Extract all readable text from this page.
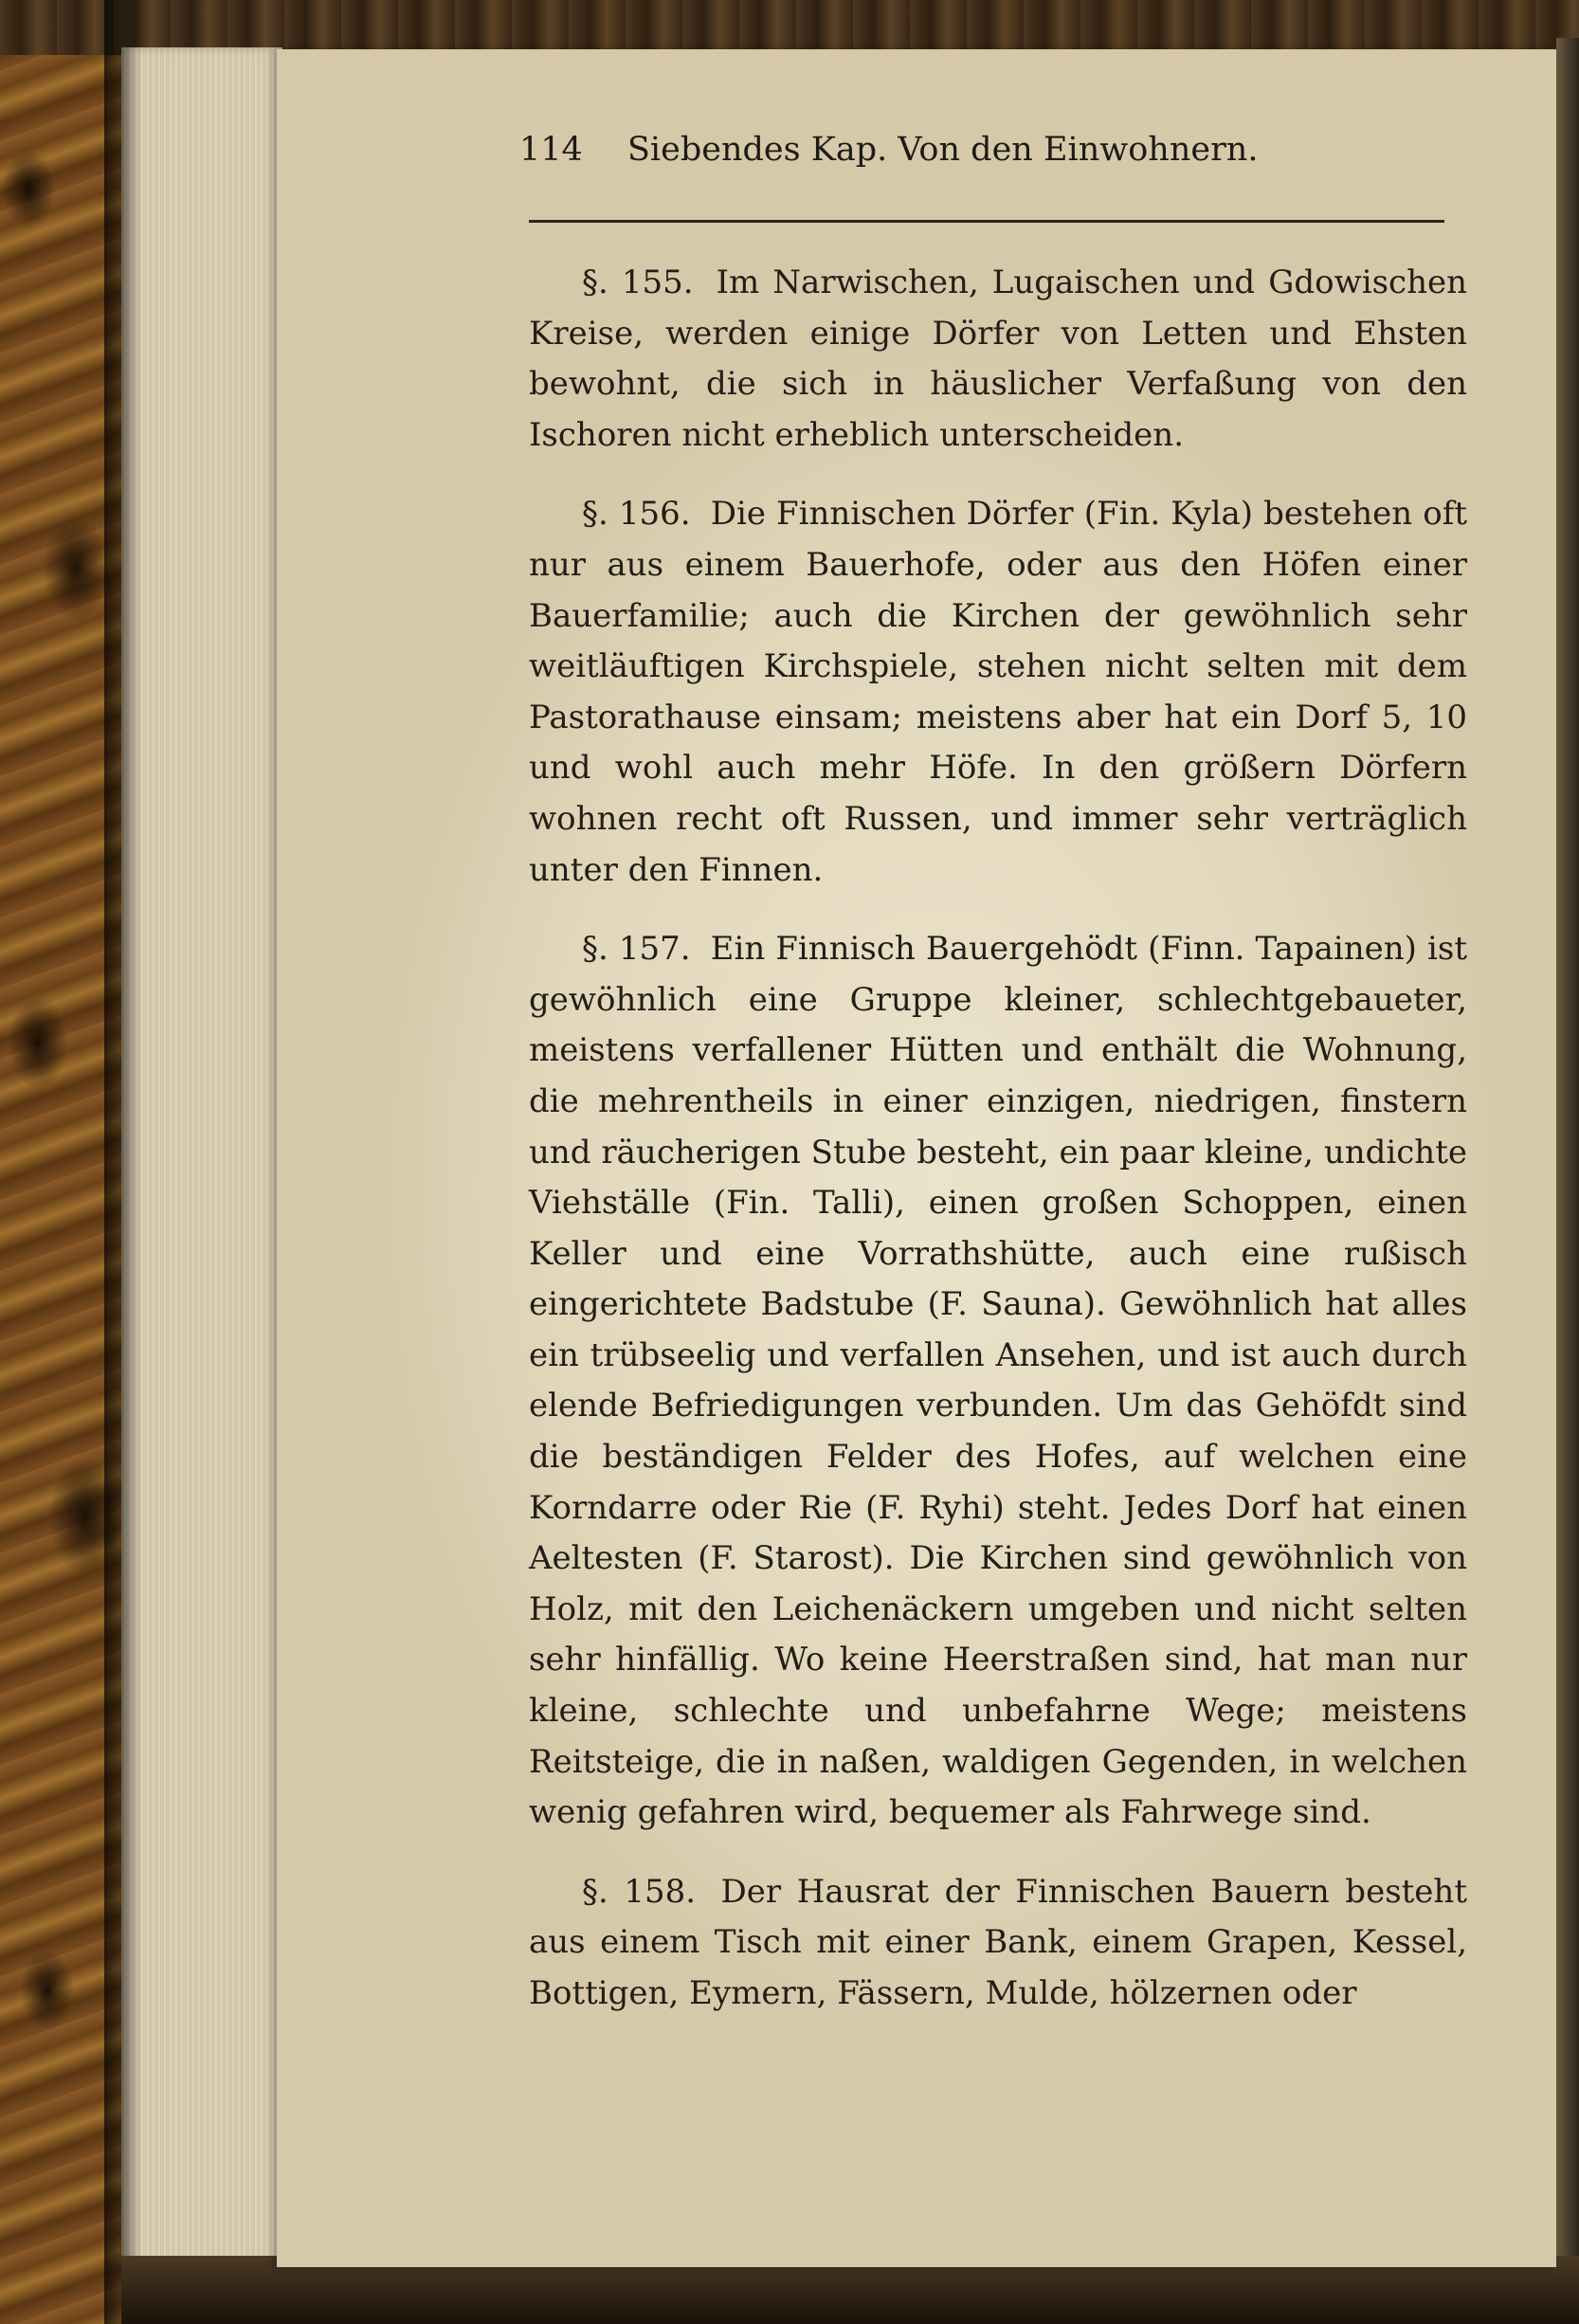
114 Siebendes Kap. Von den Einwohnern.

§. 155. Im Narwischen, Lugaischen und Gdowischen Kreise, werden einige Dörfer von Letten und Ehsten bewohnt, die sich in häuslicher Verfaßung von den Ischoren nicht erheblich unterscheiden.

§. 156. Die Finnischen Dörfer (Fin. Kyla) bestehen oft nur aus einem Bauerhofe, oder aus den Höfen einer Bauerfamilie; auch die Kirchen der gewöhnlich sehr weitläuftigen Kirchspiele, stehen nicht selten mit dem Pastorathause einsam; meistens aber hat ein Dorf 5, 10 und wohl auch mehr Höfe. In den größern Dörfern wohnen recht oft Russen, und immer sehr verträglich unter den Finnen.

§. 157. Ein Finnisch Bauergehödt (Finn. Tapainen) ist gewöhnlich eine Gruppe kleiner, schlechtgebaueter, meistens verfallener Hütten und enthält die Wohnung, die mehrentheils in einer einzigen, niedrigen, finstern und räucherigen Stube besteht, ein paar kleine, undichte Viehställe (Fin. Talli), einen großen Schoppen, einen Keller und eine Vorrathshütte, auch eine rußisch eingerichtete Badstube (F. Sauna). Gewöhnlich hat alles ein trübseelig und verfallen Ansehen, und ist auch durch elende Befriedigungen verbunden. Um das Gehöfdt sind die beständigen Felder des Hofes, auf welchen eine Korndarre oder Rie (F. Ryhi) steht. Jedes Dorf hat einen Aeltesten (F. Starost). Die Kirchen sind gewöhnlich von Holz, mit den Leichenäckern umgeben und nicht selten sehr hinfällig. Wo keine Heerstraßen sind, hat man nur kleine, schlechte und unbefahrne Wege; meistens Reitsteige, die in naßen, waldigen Gegenden, in welchen wenig gefahren wird, bequemer als Fahrwege sind.

§. 158. Der Hausrat der Finnischen Bauern besteht aus einem Tisch mit einer Bank, einem Grapen, Kessel, Bottigen, Eymern, Fässern, Mulde, hölzernen oder
